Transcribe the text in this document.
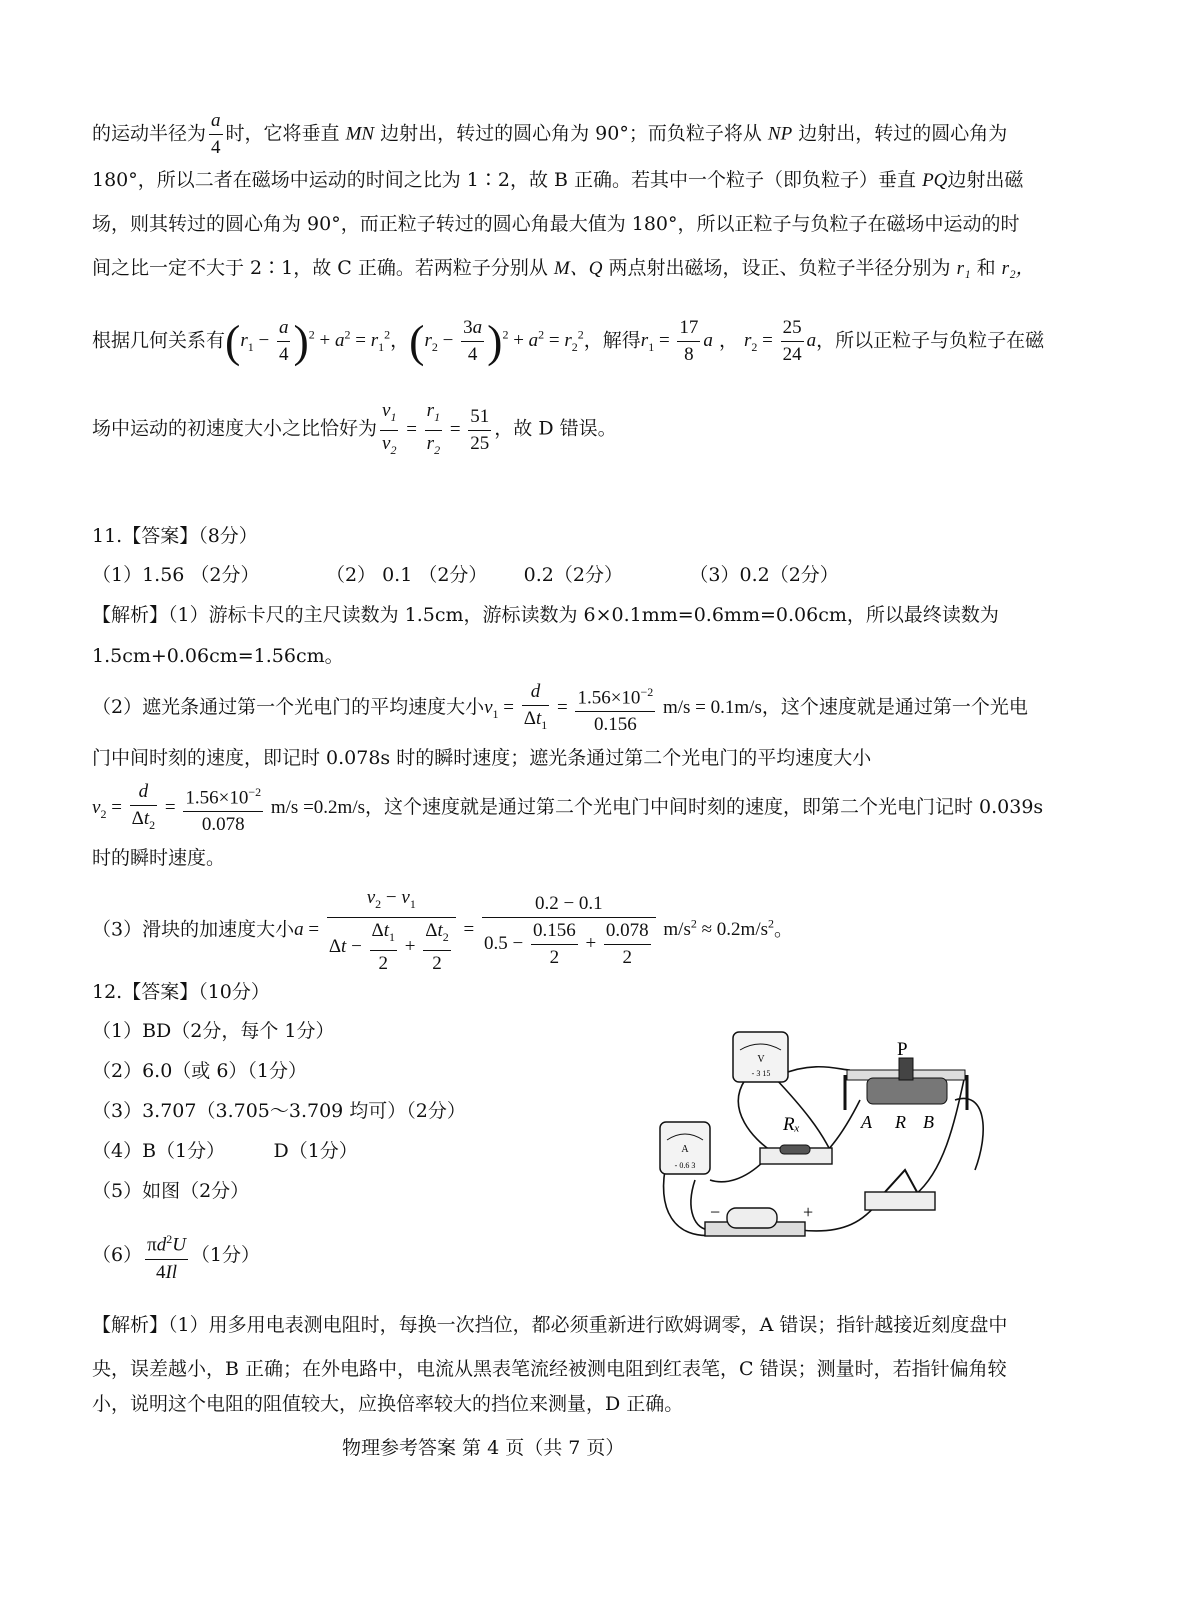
的运动半径为 $\frac{a}{4}$ 时，它将垂直 MN 边射出，转过的圆心角为 90°；而负粒子将从 NP 边射出，转过的圆心角为
180°，所以二者在磁场中运动的时间之比为 1∶2，故 B 正确。若其中一个粒子（即负粒子）垂直 PQ边射出磁
场，则其转过的圆心角为 90°，而正粒子转过的圆心角最大值为 180°，所以正粒子与负粒子在磁场中运动的时
间之比一定不大于 2∶1，故 C 正确。若两粒子分别从 M、Q 两点射出磁场，设正、负粒子半径分别为 r₁ 和 r₂，
根据几何关系有$(r_1 - \frac{a}{4} )^2 + a^2 = r_1^2$，$(r_2 - \frac{3a}{4} )^2 + a^2 = r_2^2$，解得$r_1 = \frac{17}{8}$ a ， $r_2 = \frac{25}{24}$ a，所以正粒子与负粒子在磁
场中运动的初速度大小之比恰好为 $\frac{v_1}{v_2} = \frac{r_1}{r_2} = \frac{51}{25}$ ，故 D 错误。
11.【答案】（8分）
（1）1.56 （2分）           （2） 0.1 （2分）      0.2（2分）           （3）0.2（2分）
【解析】（1）游标卡尺的主尺读数为 1.5cm，游标读数为 6×0.1mm=0.6mm=0.06cm，所以最终读数为
1.5cm+0.06cm=1.56cm。
（2）遮光条通过第一个光电门的平均速度大小$v_1 = \frac{d}{\Delta t_1} = \frac{1.56\times 10^{-2}}{0.156} m/s = 0.1m/s$，这个速度就是通过第一个光电
门中间时刻的速度，即记时 0.078s 时的瞬时速度；遮光条通过第二个光电门的平均速度大小
$v_2 = \frac{d}{\Delta t_2} = \frac{1.56\times 10^{-2}}{0.078} m/s =0.2m/s$，这个速度就是通过第二个光电门中间时刻的速度，即第二个光电门记时 0.039s
时的瞬时速度。
（3）滑块的加速度大小$a = \frac{v_2 - v_1}{\Delta t - \frac{\Delta t_1}{2} + \frac{\Delta t_2}{2}} = \frac{0.2 - 0.1}{0.5 - \frac{0.156}{2} + \frac{0.078}{2}} m/s^2 \approx 0.2m/s^2$。
12.【答案】（10分）
（1）BD（2分，每个 1分）
（2）6.0（或 6）（1分）
（3）3.707（3.705～3.709 均可）（2分）
（4）B（1分）        D（1分）
（5）如图（2分）
$(6) \frac{\pi d^2U}{4Il} (1$分）
【解析】（1）用多用电表测电阻时，每换一次挡位，都必须重新进行欧姆调零，A 错误；指针越接近刻度盘中
央，误差越小，B 正确；在外电路中，电流从黑表笔流经被测电阻到红表笔，C 错误；测量时，若指针偏角较
小，说明这个电阻的阻值较大，应换倍率较大的挡位来测量，D 正确。
V
- 3 15
A
- 0.6 3
Rₓ
P
A R B
−	+
物理参考答案 第 4 页（共 7 页）
